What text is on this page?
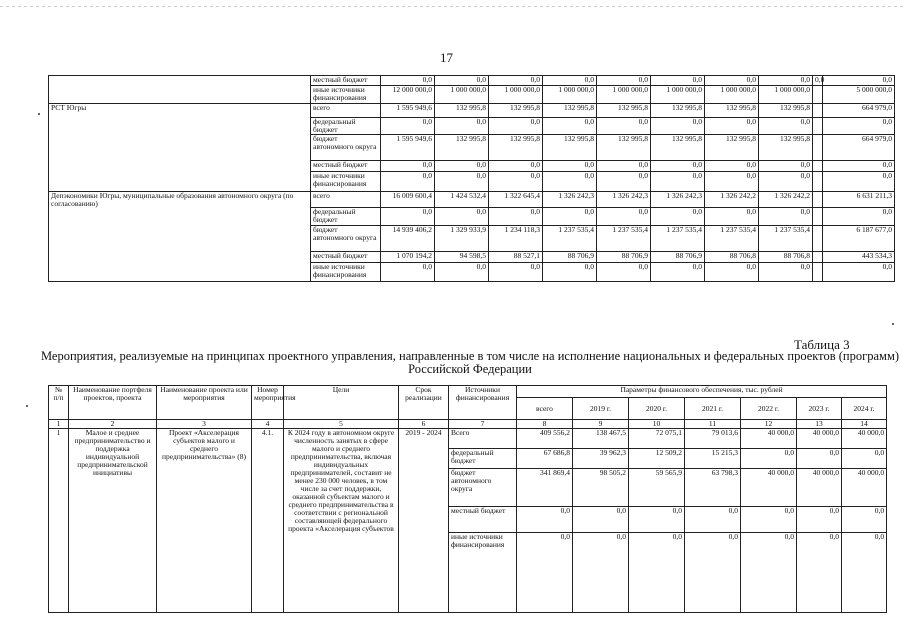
17
	местный бюджет	0,0	0,0	0,0	0,0	0,0	0,0	0,0	0,0	0,0	0,0
	иные источники финансирования	12 000 000,0	1 000 000,0	1 000 000,0	1 000 000,0	1 000 000,0	1 000 000,0	1 000 000,0	1 000 000,0		5 000 000,0
РСТ Югры	всего	1 595 949,6	132 995,8	132 995,8	132 995,8	132 995,8	132 995,8	132 995,8	132 995,8		664 979,0
	федеральный бюджет	0,0	0,0	0,0	0,0	0,0	0,0	0,0	0,0		0,0
	бюджет автономного округа	1 595 949,6	132 995,8	132 995,8	132 995,8	132 995,8	132 995,8	132 995,8	132 995,8		664 979,0
	местный бюджет	0,0	0,0	0,0	0,0	0,0	0,0	0,0	0,0		0,0
	иные источники финансирования	0,0	0,0	0,0	0,0	0,0	0,0	0,0	0,0		0,0
Депэкономики Югры, муниципальные образования автономного округа (по согласованию)	всего	16 009 600,4	1 424 532,4	1 322 645,4	1 326 242,3	1 326 242,3	1 326 242,3	1 326 242,2	1 326 242,2		6 631 211,3
	федеральный бюджет	0,0	0,0	0,0	0,0	0,0	0,0	0,0	0,0		0,0
	бюджет автономного округа	14 939 406,2	1 329 933,9	1 234 118,3	1 237 535,4	1 237 535,4	1 237 535,4	1 237 535,4	1 237 535,4		6 187 677,0
	местный бюджет	1 070 194,2	94 598,5	88 527,1	88 706,9	88 706,9	88 706,9	88 706,8	88 706,8		443 534,3
	иные источники финансирования	0,0	0,0	0,0	0,0	0,0	0,0	0,0	0,0		0,0
Таблица 3
Мероприятия, реализуемые на принципах проектного управления, направленные в том числе на исполнение национальных и федеральных проектов (программ) Российской Федерации
№ п/п	Наименование портфеля проектов, проекта	Наименование проекта или мероприятия	Номер мероприятия	Цели	Срок реализации	Источники финансирования	Параметры финансового обеспечения, тыс. рублей						
							всего	2019 г.	2020 г.	2021 г.	2022 г.	2023 г.	2024 г.
1	2	3	4	5	6	7	8	9	10	11	12	13	14
1	Малое и среднее предпринимательство и поддержка индивидуальной предпринимательской инициативы	Проект «Акселерация субъектов малого и среднего предпринимательства» (8)	4.1.	К 2024 году в автономном округе численность занятых в сфере малого и среднего предпринимательства, включая индивидуальных предпринимателей, составит не менее 230 000 человек, в том числе за счет поддержки, оказанной субъектам малого и среднего предпринимательства в соответствии с региональной составляющей федерального проекта «Акселерация субъектов	2019 - 2024	Всего	409 556,2	138 467,5	72 075,1	79 013,6	40 000,0	40 000,0	40 000,0
						федеральный бюджет	67 686,8	39 962,3	12 509,2	15 215,3	0,0	0,0	0,0
						бюджет автономного округа	341 869,4	98 505,2	59 565,9	63 798,3	40 000,0	40 000,0	40 000,0
						местный бюджет	0,0	0,0	0,0	0,0	0,0	0,0	0,0
						иные источники финансирования	0,0	0,0	0,0	0,0	0,0	0,0	0,0
